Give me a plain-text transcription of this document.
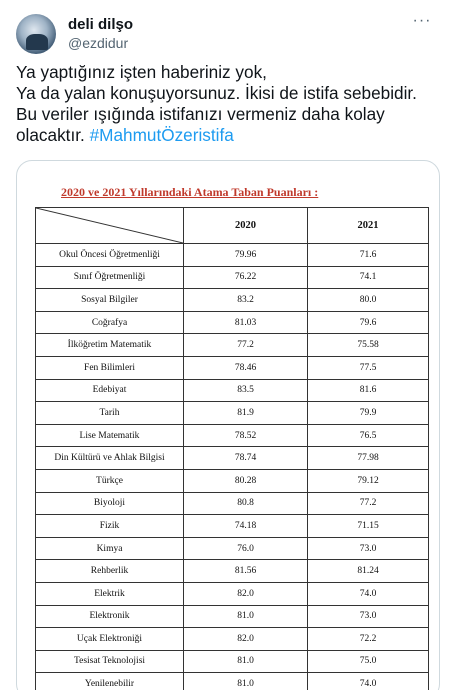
deli dilşo
@ezdidur
···
Ya yaptığınız işten haberiniz yok,
Ya da yalan konuşuyorsunuz. İkisi de istifa sebebidir.
Bu veriler ışığında istifanızı vermeniz daha kolay
olacaktır. #MahmutÖzeristifa
2020 ve 2021 Yıllarındaki Atama Taban Puanları :
	2020	2021
Okul Öncesi Öğretmenliği	79.96	71.6
Sınıf Öğretmenliği	76.22	74.1
Sosyal Bilgiler	83.2	80.0
Coğrafya	81.03	79.6
İlköğretim Matematik	77.2	75.58
Fen Bilimleri	78.46	77.5
Edebiyat	83.5	81.6
Tarih	81.9	79.9
Lise Matematik	78.52	76.5
Din Kültürü ve Ahlak Bilgisi	78.74	77.98
Türkçe	80.28	79.12
Biyoloji	80.8	77.2
Fizik	74.18	71.15
Kimya	76.0	73.0
Rehberlik	81.56	81.24
Elektrik	82.0	74.0
Elektronik	81.0	73.0
Uçak Elektroniği	82.0	72.2
Tesisat Teknolojisi	81.0	75.0
Yenilenebilir	81.0	74.0
